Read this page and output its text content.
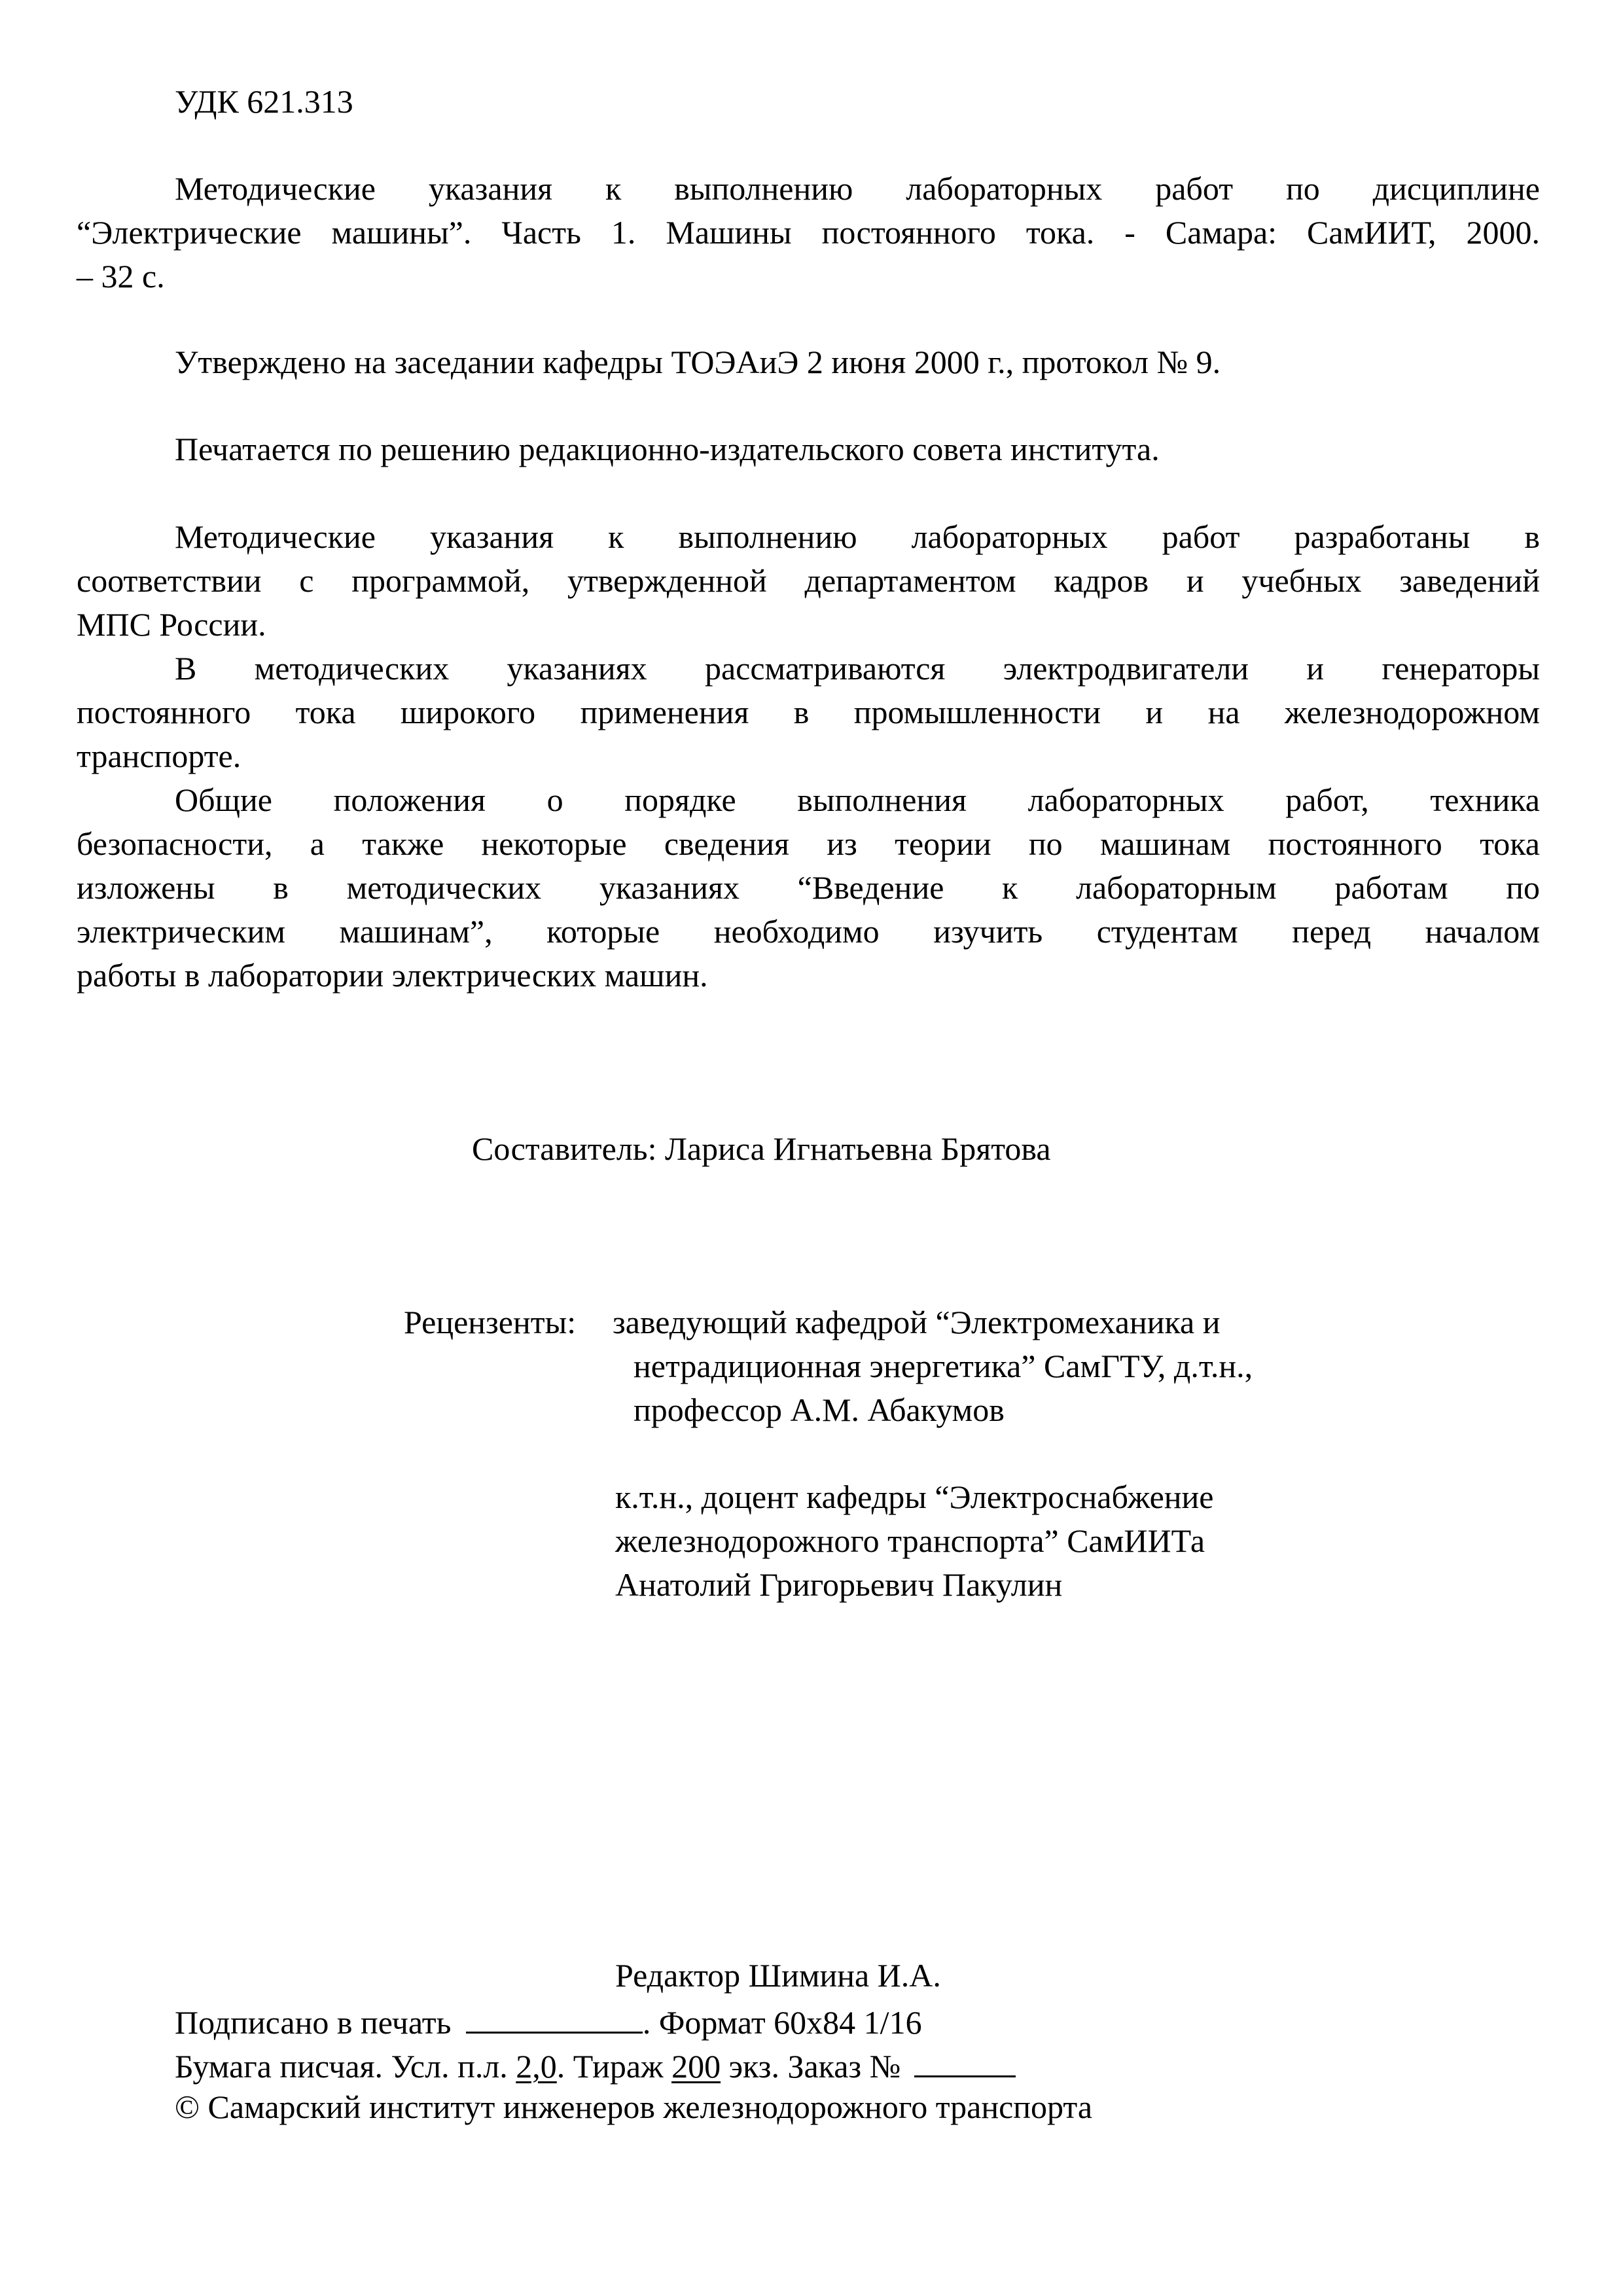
УДК 621.313
Методические указания к выполнению лабораторных работ по дисциплине
“Электрические машины”. Часть 1. Машины постоянного тока. - Самара: СамИИТ, 2000.
– 32 с.
Утверждено на заседании кафедры ТОЭАиЭ 2 июня 2000 г., протокол № 9.
Печатается по решению редакционно-издательского совета института.
Методические указания к выполнению лабораторных работ разработаны в
соответствии с программой, утвержденной департаментом кадров и учебных заведений
МПС России.
В методических указаниях рассматриваются электродвигатели и генераторы
постоянного тока широкого применения в промышленности и на железнодорожном
транспорте.
Общие положения о порядке выполнения лабораторных работ, техника
безопасности, а также некоторые сведения из теории по машинам постоянного тока
изложены в методических указаниях “Введение к лабораторным работам по
электрическим машинам”, которые необходимо изучить студентам перед началом
работы в лаборатории электрических машин.
Составитель: Лариса Игнатьевна Брятова
Рецензенты: заведующий кафедрой “Электромеханика и
нетрадиционная энергетика” СамГТУ, д.т.н.,
профессор А.М. Абакумов
к.т.н., доцент кафедры “Электроснабжение
железнодорожного транспорта” СамИИТа
Анатолий Григорьевич Пакулин
Редактор Шимина И.А.
Подписано в печать	. Формат 60x84 1/16
Бумага писчая. Усл. п.л. 2,0. Тираж 200 экз. Заказ №
© Самарский институт инженеров железнодорожного транспорта
